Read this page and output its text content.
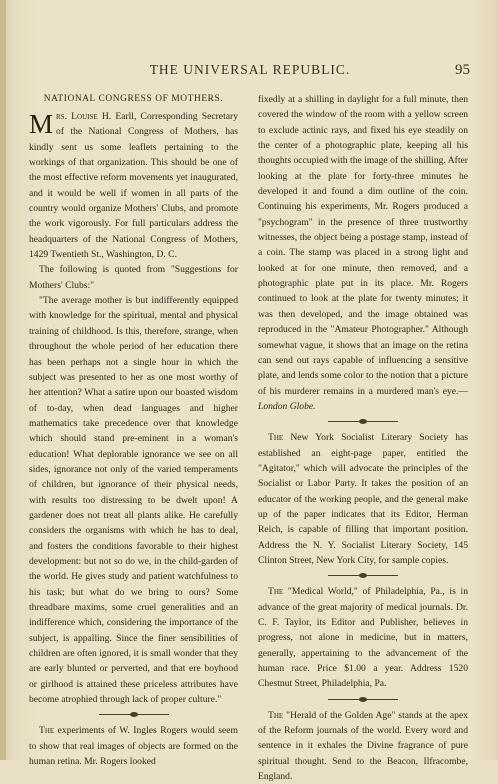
THE UNIVERSAL REPUBLIC.	95
NATIONAL CONGRESS OF MOTHERS.

Mrs. Louise H. Earll, Corresponding Secretary of the National Congress of Mothers, has kindly sent us some leaflets pertaining to the workings of that organization. This should be one of the most effective reform movements yet inaugurated, and it would be well if women in all parts of the country would organize Mothers' Clubs, and promote the work vigorously. For full particulars address the headquarters of the National Congress of Mothers, 1429 Twentieth St., Washington, D. C.

The following is quoted from "Suggestions for Mothers' Clubs:"

"The average mother is but indifferently equipped with knowledge for the spiritual, mental and physical training of childhood. Is this, therefore, strange, when throughout the whole period of her education there has been perhaps not a single hour in which the subject was presented to her as one most worthy of her attention? What a satire upon our boasted wisdom of to-day, when dead languages and higher mathematics take precedence over that knowledge which should stand pre-eminent in a woman's education! What deplorable ignorance we see on all sides, ignorance not only of the varied temperaments of children, but ignorance of their physical needs, with results too distressing to be dwelt upon! A gardener does not treat all plants alike. He carefully considers the organisms with which he has to deal, and fosters the conditions favorable to their highest development: but not so do we, in the child-garden of the world. He gives study and patient watchfulness to his task; but what do we bring to ours? Some threadbare maxims, some cruel generalities and an indifference which, considering the importance of the subject, is appalling. Since the finer sensibilities of children are often ignored, it is small wonder that they are early blunted or perverted, and that ere boyhood or girlhood is attained these priceless attributes have become atrophied through lack of proper culture."

The experiments of W. Ingles Rogers would seem to show that real images of objects are formed on the human retina. Mr. Rogers looked

fixedly at a shilling in daylight for a full minute, then covered the window of the room with a yellow screen to exclude actinic rays, and fixed his eye steadily on the center of a photographic plate, keeping all his thoughts occupied with the image of the shilling. After looking at the plate for forty-three minutes he developed it and found a dim outline of the coin. Continuing his experiments, Mr. Rogers produced a "psychogram" in the presence of three trustworthy witnesses, the object being a postage stamp, instead of a coin. The stamp was placed in a strong light and looked at for one minute, then removed, and a photographic plate put in its place. Mr. Rogers continued to look at the plate for twenty minutes; it was then developed, and the image obtained was reproduced in the "Amateur Photographer." Although somewhat vague, it shows that an image on the retina can send out rays capable of influencing a sensitive plate, and lends some color to the notion that a picture of his murderer remains in a murdered man's eye.—London Globe.

The New York Socialist Literary Society has established an eight-page paper, entitled the "Agitator," which will advocate the principles of the Socialist or Labor Party. It takes the position of an educator of the working people, and the general make up of the paper indicates that its Editor, Herman Reich, is capable of filling that important position. Address the N. Y. Socialist Literary Society, 145 Clinton Street, New York City, for sample copies.

The "Medical World," of Philadelphia, Pa., is in advance of the great majority of medical journals. Dr. C. F. Taylor, its Editor and Publisher, believes in progress, not alone in medicine, but in matters, generally, appertaining to the advancement of the human race. Price $1.00 a year. Address 1520 Chestnut Street, Philadelphia, Pa.

The "Herald of the Golden Age" stands at the apex of the Reform journals of the world. Every word and sentence in it exhales the Divine fragrance of pure spiritual thought. Send to the Beacon, Ilfracombe, England.
